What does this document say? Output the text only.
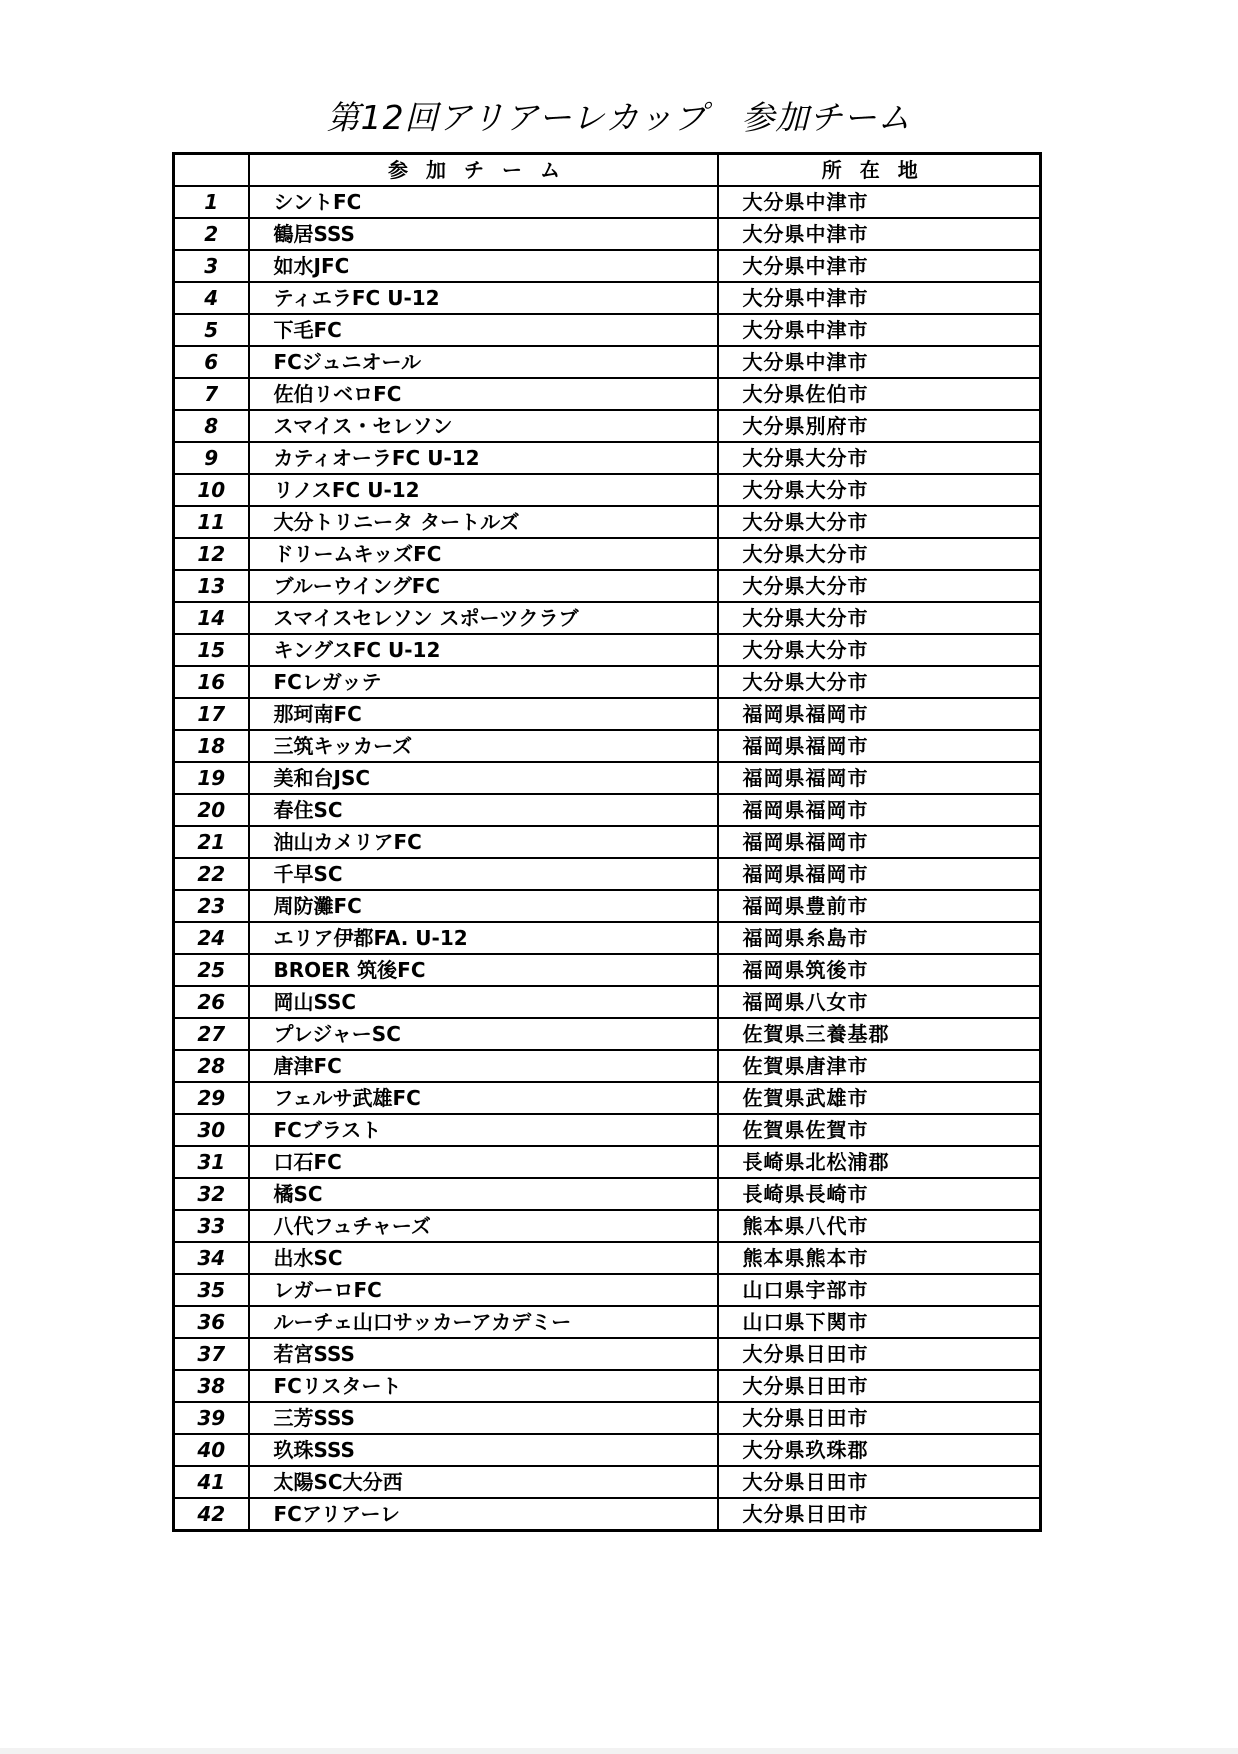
第12回アリアーレカップ　参加チーム
	参加チーム	所在地
1	シントFC	大分県中津市
2	鶴居SSS	大分県中津市
3	如水JFC	大分県中津市
4	ティエラFC U-12	大分県中津市
5	下毛FC	大分県中津市
6	FCジュニオール	大分県中津市
7	佐伯リベロFC	大分県佐伯市
8	スマイス・セレソン	大分県別府市
9	カティオーラFC U-12	大分県大分市
10	リノスFC U-12	大分県大分市
11	大分トリニータ タートルズ	大分県大分市
12	ドリームキッズFC	大分県大分市
13	ブルーウイングFC	大分県大分市
14	スマイスセレソン スポーツクラブ	大分県大分市
15	キングスFC U-12	大分県大分市
16	FCレガッテ	大分県大分市
17	那珂南FC	福岡県福岡市
18	三筑キッカーズ	福岡県福岡市
19	美和台JSC	福岡県福岡市
20	春住SC	福岡県福岡市
21	油山カメリアFC	福岡県福岡市
22	千早SC	福岡県福岡市
23	周防灘FC	福岡県豊前市
24	エリア伊都FA. U-12	福岡県糸島市
25	BROER 筑後FC	福岡県筑後市
26	岡山SSC	福岡県八女市
27	プレジャーSC	佐賀県三養基郡
28	唐津FC	佐賀県唐津市
29	フェルサ武雄FC	佐賀県武雄市
30	FCブラスト	佐賀県佐賀市
31	口石FC	長崎県北松浦郡
32	橘SC	長崎県長崎市
33	八代フュチャーズ	熊本県八代市
34	出水SC	熊本県熊本市
35	レガーロFC	山口県宇部市
36	ルーチェ山口サッカーアカデミー	山口県下関市
37	若宮SSS	大分県日田市
38	FCリスタート	大分県日田市
39	三芳SSS	大分県日田市
40	玖珠SSS	大分県玖珠郡
41	太陽SC大分西	大分県日田市
42	FCアリアーレ	大分県日田市
